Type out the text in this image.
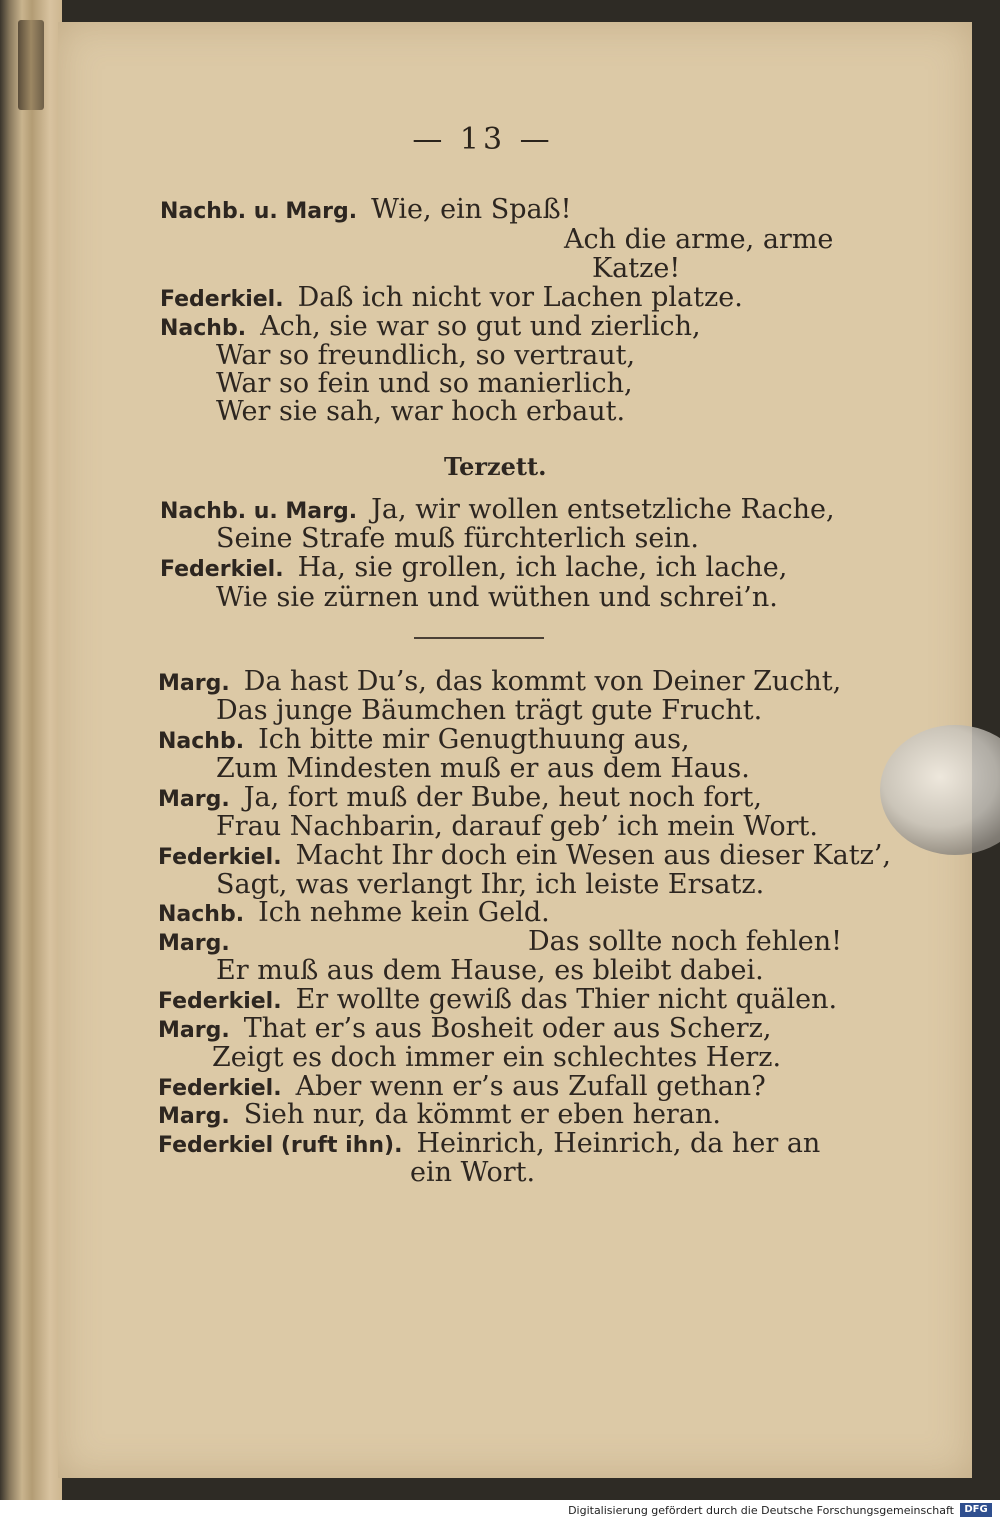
— 13 —
Nachb. u. Marg. Wie, ein Spaß!
Ach die arme, arme
Katze!
Federkiel. Daß ich nicht vor Lachen platze.
Nachb. Ach, sie war so gut und zierlich,
War so freundlich, so vertraut,
War so fein und so manierlich,
Wer sie sah, war hoch erbaut.
Terzett.
Nachb. u. Marg. Ja, wir wollen entsetzliche Rache,
Seine Strafe muß fürchterlich sein.
Federkiel. Ha, sie grollen, ich lache, ich lache,
Wie sie zürnen und wüthen und schrei’n.
Marg. Da hast Du’s, das kommt von Deiner Zucht,
Das junge Bäumchen trägt gute Frucht.
Nachb. Ich bitte mir Genugthuung aus,
Zum Mindesten muß er aus dem Haus.
Marg. Ja, fort muß der Bube, heut noch fort,
Frau Nachbarin, darauf geb’ ich mein Wort.
Federkiel. Macht Ihr doch ein Wesen aus dieser Katz’,
Sagt, was verlangt Ihr, ich leiste Ersatz.
Nachb. Ich nehme kein Geld.
Marg.	Das sollte noch fehlen!
Er muß aus dem Hause, es bleibt dabei.
Federkiel. Er wollte gewiß das Thier nicht quälen.
Marg. That er’s aus Bosheit oder aus Scherz,
Zeigt es doch immer ein schlechtes Herz.
Federkiel. Aber wenn er’s aus Zufall gethan?
Marg. Sieh nur, da kömmt er eben heran.
Federkiel (ruft ihn). Heinrich, Heinrich, da her an
ein Wort.
Digitalisierung gefördert durch die Deutsche Forschungsgemeinschaft	DFG
